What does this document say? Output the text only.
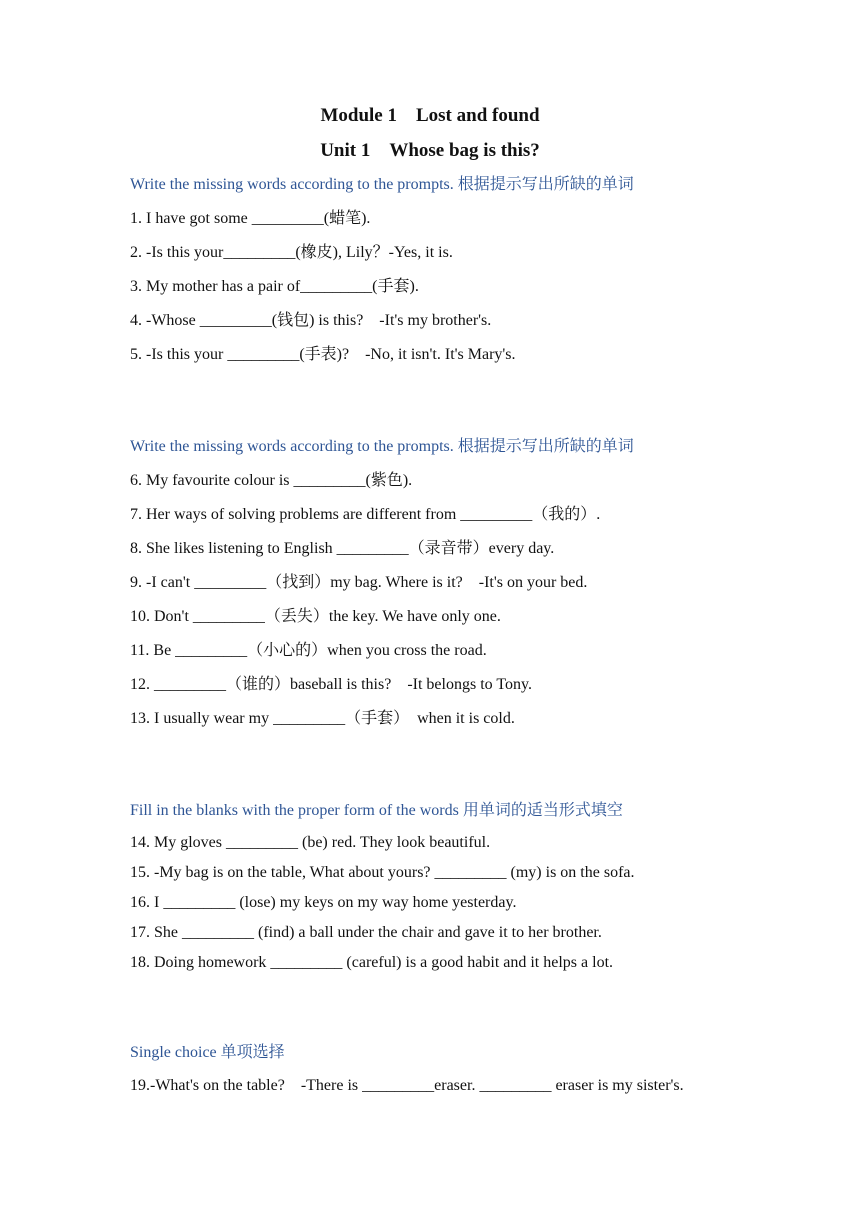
Module 1　Lost and found
Unit 1　Whose bag is this?
Write the missing words according to the prompts. 根据提示写出所缺的单词
1. I have got some _________(蜡笔).
2. -Is this your_________(橡皮), Lily？-Yes, it is.
3. My mother has a pair of_________(手套).
4. -Whose _________(钱包) is this?　-It's my brother's.
5. -Is this your _________(手表)?　-No, it isn't. It's Mary's.
Write the missing words according to the prompts. 根据提示写出所缺的单词
6. My favourite colour is _________(紫色).
7. Her ways of solving problems are different from _________（我的）.
8. She likes listening to English _________（录音带）every day.
9. -I can't _________（找到）my bag. Where is it?　-It's on your bed.
10. Don't _________（丢失）the key. We have only one.
11. Be _________（小心的）when you cross the road.
12. _________（谁的）baseball is this?　-It belongs to Tony.
13. I usually wear my _________（手套）　when it is cold.
Fill in the blanks with the proper form of the words 用单词的适当形式填空
14. My gloves _________ (be) red. They look beautiful.
15. -My bag is on the table, What about yours? _________ (my) is on the sofa.
16. I _________ (lose) my keys on my way home yesterday.
17. She _________ (find) a ball under the chair and gave it to her brother.
18. Doing homework _________ (careful) is a good habit and it helps a lot.
Single choice 单项选择
19.-What's on the table?　-There is _________eraser. _________ eraser is my sister's.
